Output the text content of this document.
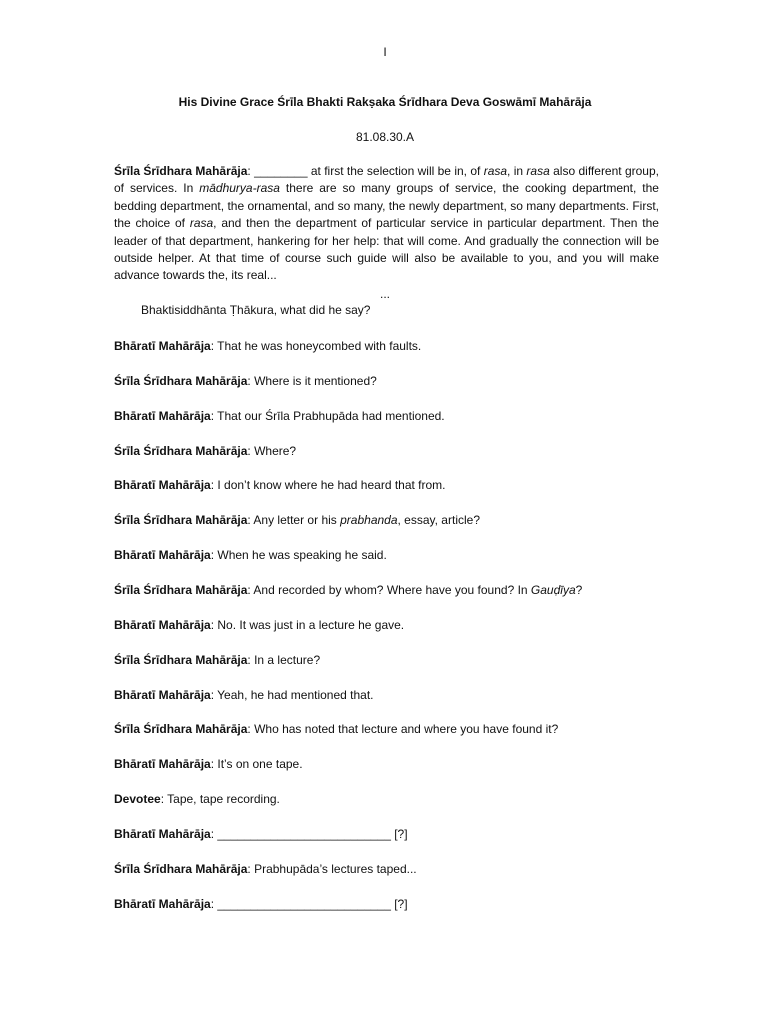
I
His Divine Grace Śrīla Bhakti Rakṣaka Śrīdhara Deva Goswāmī Mahārāja
81.08.30.A

Śrīla Śrīdhara Mahārāja: ________ at first the selection will be in, of rasa, in rasa also different group, of services. In mādhurya-rasa there are so many groups of service, the cooking department, the bedding department, the ornamental, and so many, the newly department, so many departments. First, the choice of rasa, and then the department of particular service in particular department. Then the leader of that department, hankering for her help: that will come. And gradually the connection will be outside helper. At that time of course such guide will also be available to you, and you will make advance towards the, its real...

...
Bhaktisiddhānta Ṭhākura, what did he say?

Bhāratī Mahārāja: That he was honeycombed with faults.

Śrīla Śrīdhara Mahārāja: Where is it mentioned?

Bhāratī Mahārāja: That our Śrīla Prabhupāda had mentioned.

Śrīla Śrīdhara Mahārāja: Where?

Bhāratī Mahārāja: I don’t know where he had heard that from.

Śrīla Śrīdhara Mahārāja: Any letter or his prabhanda, essay, article?

Bhāratī Mahārāja: When he was speaking he said.

Śrīla Śrīdhara Mahārāja: And recorded by whom? Where have you found? In Gauḍīya?

Bhāratī Mahārāja: No. It was just in a lecture he gave.

Śrīla Śrīdhara Mahārāja: In a lecture?

Bhāratī Mahārāja: Yeah, he had mentioned that.

Śrīla Śrīdhara Mahārāja: Who has noted that lecture and where you have found it?

Bhāratī Mahārāja: It’s on one tape.

Devotee: Tape, tape recording.

Bhāratī Mahārāja: __________________________ [?]

Śrīla Śrīdhara Mahārāja: Prabhupāda’s lectures taped...

Bhāratī Mahārāja: __________________________ [?]
